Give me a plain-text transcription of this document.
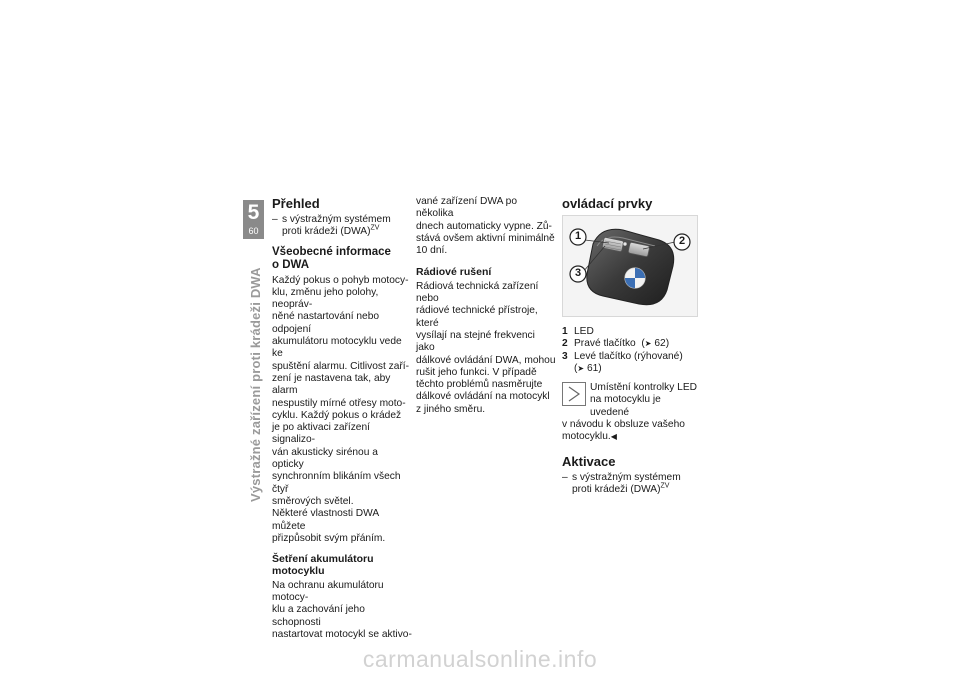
5
60
Výstražné zařízení proti krádeži DWA
Přehled
– s výstražným systémem proti krádeži (DWA)$^{ZV}$
Všeobecné informace
o DWA

Každý pokus o pohyb motocy-

klu, změnu jeho polohy, neopráv-

něné nastartování nebo odpojení

akumulátoru motocyklu vede ke

spuštění alarmu. Citlivost zaří-

zení je nastavena tak, aby alarm

nespustily mírné otřesy moto-

cyklu. Každý pokus o krádež

je po aktivaci zařízení signalizo-

ván akusticky sirénou a opticky

synchronním blikáním všech čtyř

směrových světel.

Některé vlastnosti DWA můžete

přizpůsobit svým přáním.

Šetření akumulátoru
motocyklu

Na ochranu akumulátoru motocy-

klu a zachování jeho schopnosti

nastartovat motocykl se aktivo-

vané zařízení DWA po několika

dnech automaticky vypne. Zů-

stává ovšem aktivní minimálně

10 dní.

Rádiové rušení

Rádiová technická zařízení nebo

rádiové technické přístroje, které

vysílají na stejné frekvenci jako

dálkové ovládání DWA, mohou

rušit jeho funkci. V případě

těchto problémů nasměrujte

dálkové ovládání na motocykl

z jiného směru.

ovládací prvky
1	2
3
1 LED
2 Pravé tlačítko  (➤ 62)
3 Levé tlačítko (rýhované)
(➤ 61)

Umístění kontrolky LED

na motocyklu je uvedené

v návodu k obsluze vašeho

motocyklu.◀

Aktivace
– s výstražným systémem proti krádeži (DWA)$^{ZV}$
carmanualsonline.info
